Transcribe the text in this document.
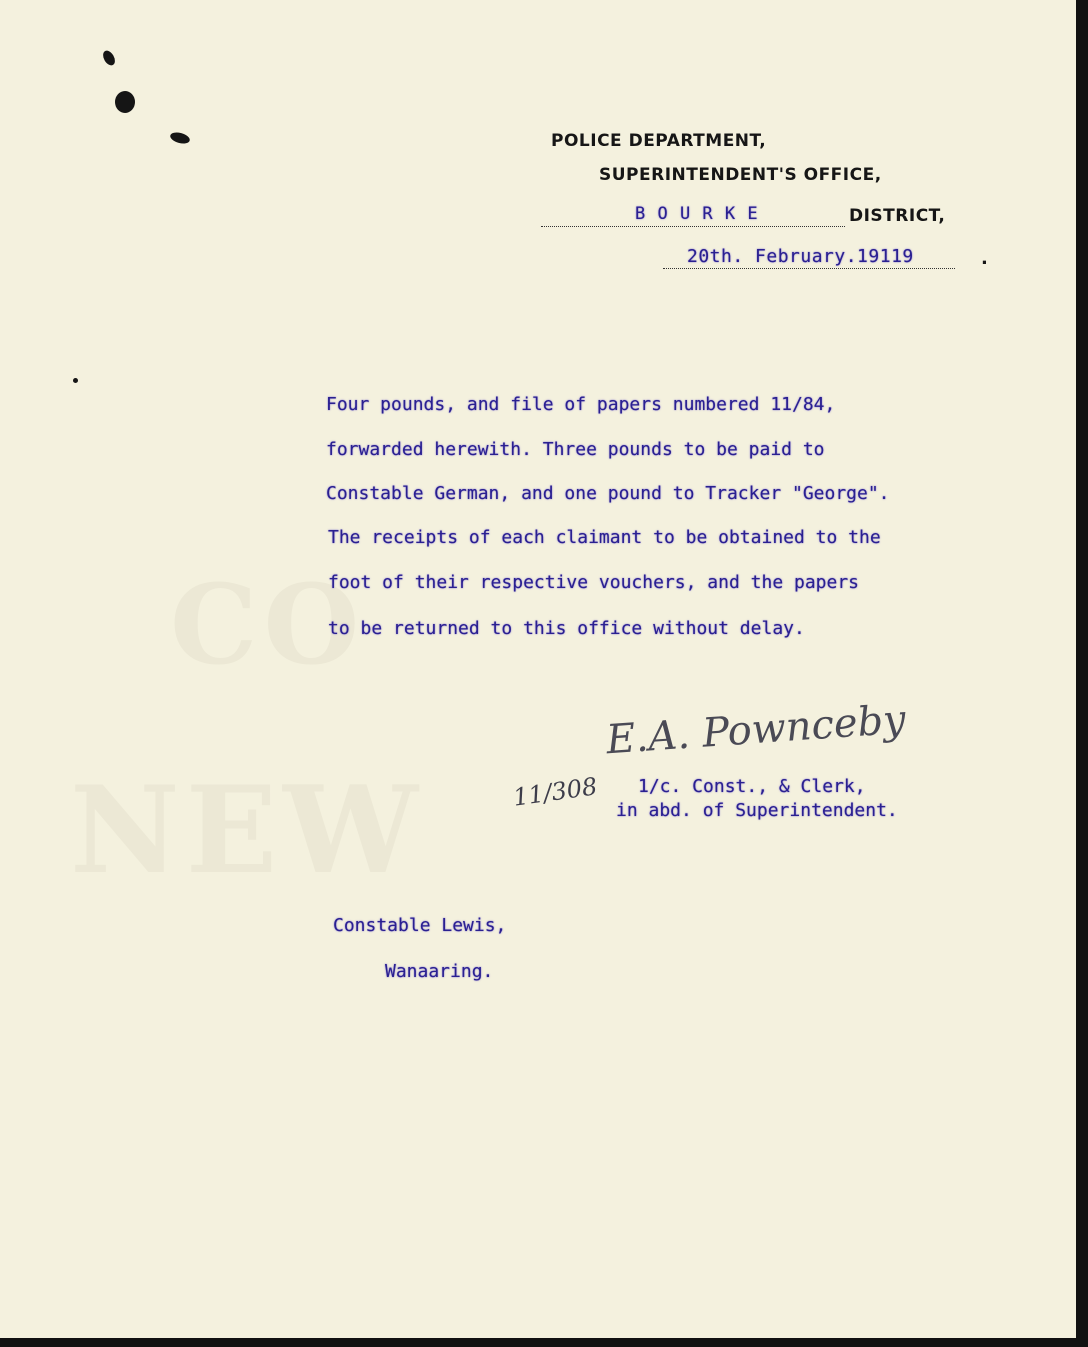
CO
NEW
POLICE DEPARTMENT,
SUPERINTENDENT'S OFFICE,
B O U R K E	DISTRICT,
20th. February.19119	.
Four pounds, and file of papers numbered 11/84,
forwarded herewith. Three pounds to be paid to
Constable German, and one pound to Tracker "George".
The receipts of each claimant to be obtained to the
foot of their respective vouchers, and the papers
to be returned to this office without delay.
E.A. Pownceby
11/308 1/c. Const., & Clerk,
in abd. of Superintendent.
Constable Lewis,
Wanaaring.
